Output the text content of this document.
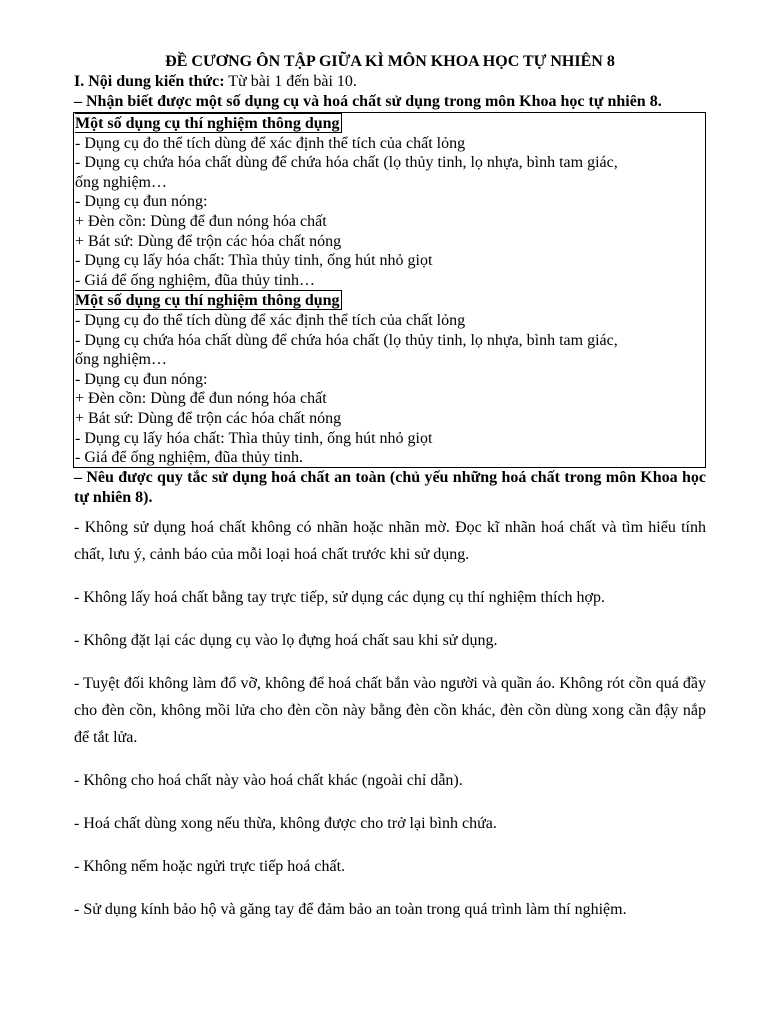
ĐỀ CƯƠNG ÔN TẬP GIỮA KÌ MÔN KHOA HỌC TỰ NHIÊN 8

I. Nội dung kiến thức: Từ bài 1 đến bài 10.

– Nhận biết được một số dụng cụ và hoá chất sử dụng trong môn Khoa học tự nhiên 8.

Một số dụng cụ thí nghiệm thông dụng

- Dụng cụ đo thể tích dùng để xác định thể tích của chất lỏng

- Dụng cụ chứa hóa chất dùng để chứa hóa chất (lọ thủy tinh, lọ nhựa, bình tam giác,

ống nghiệm…

- Dụng cụ đun nóng:

+ Đèn cồn: Dùng để đun nóng hóa chất

+ Bát sứ: Dùng để trộn các hóa chất nóng

- Dụng cụ lấy hóa chất: Thìa thủy tinh, ống hút nhỏ giọt

- Giá để ống nghiệm, đũa thủy tinh…

Một số dụng cụ thí nghiệm thông dụng

- Dụng cụ đo thể tích dùng để xác định thể tích của chất lỏng

- Dụng cụ chứa hóa chất dùng để chứa hóa chất (lọ thủy tinh, lọ nhựa, bình tam giác,

ống nghiệm…

- Dụng cụ đun nóng:

+ Đèn cồn: Dùng để đun nóng hóa chất

+ Bát sứ: Dùng để trộn các hóa chất nóng

- Dụng cụ lấy hóa chất: Thìa thủy tinh, ống hút nhỏ giọt

- Giá để ống nghiệm, đũa thủy tinh.

– Nêu được quy tắc sử dụng hoá chất an toàn (chủ yếu những hoá chất trong môn Khoa học tự nhiên 8).

- Không sử dụng hoá chất không có nhãn hoặc nhãn mờ. Đọc kĩ nhãn hoá chất và tìm hiểu tính chất, lưu ý, cảnh báo của mỗi loại hoá chất trước khi sử dụng.

- Không lấy hoá chất bằng tay trực tiếp, sử dụng các dụng cụ thí nghiệm thích hợp.

- Không đặt lại các dụng cụ vào lọ đựng hoá chất sau khi sử dụng.

- Tuyệt đối không làm đổ vỡ, không để hoá chất bắn vào người và quần áo. Không rót cồn quá đầy cho đèn cồn, không mồi lửa cho đèn cồn này bằng đèn cồn khác, đèn cồn dùng xong cần đậy nắp để tắt lửa.

- Không cho hoá chất này vào hoá chất khác (ngoài chỉ dẫn).

- Hoá chất dùng xong nếu thừa, không được cho trở lại bình chứa.

- Không nếm hoặc ngửi trực tiếp hoá chất.

- Sử dụng kính bảo hộ và găng tay để đảm bảo an toàn trong quá trình làm thí nghiệm.
